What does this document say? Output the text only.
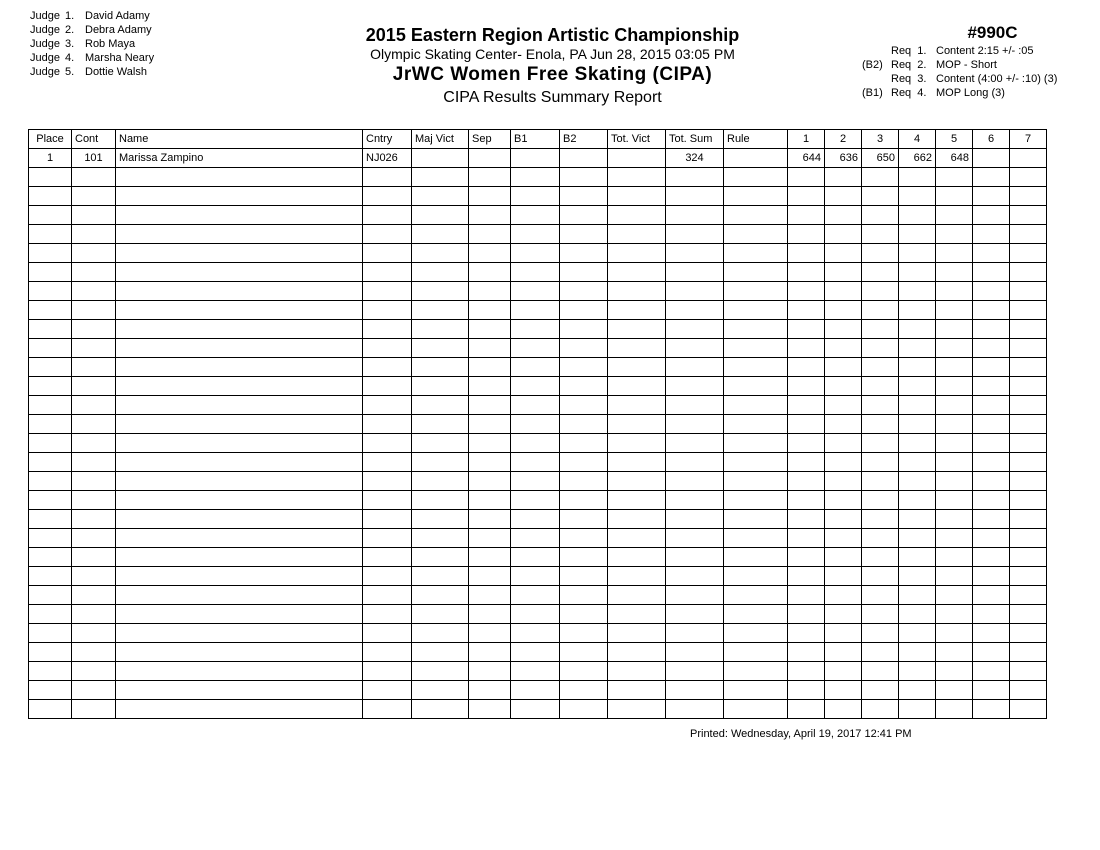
Judge 1. David Adamy
Judge 2. Debra Adamy
Judge 3. Rob Maya
Judge 4. Marsha Neary
Judge 5. Dottie Walsh
2015 Eastern Region Artistic Championship
Olympic Skating Center- Enola, PA Jun 28, 2015 03:05 PM
JrWC Women Free Skating (CIPA)
CIPA Results Summary Report
#990C
Req  1. Content 2:15 +/- :05
(B2) Req  2. MOP - Short
Req  3. Content (4:00 +/- :10) (3)
(B1) Req  4. MOP Long (3)
Place	Cont	Name	Cntry	Maj Vict	Sep	B1	B2	Tot. Vict	Tot. Sum	Rule	1	2	3	4	5	6	7
1	101	Marissa Zampino	NJ026						324		644	636	650	662	648		

Printed: Wednesday, April 19, 2017 12:41 PM
